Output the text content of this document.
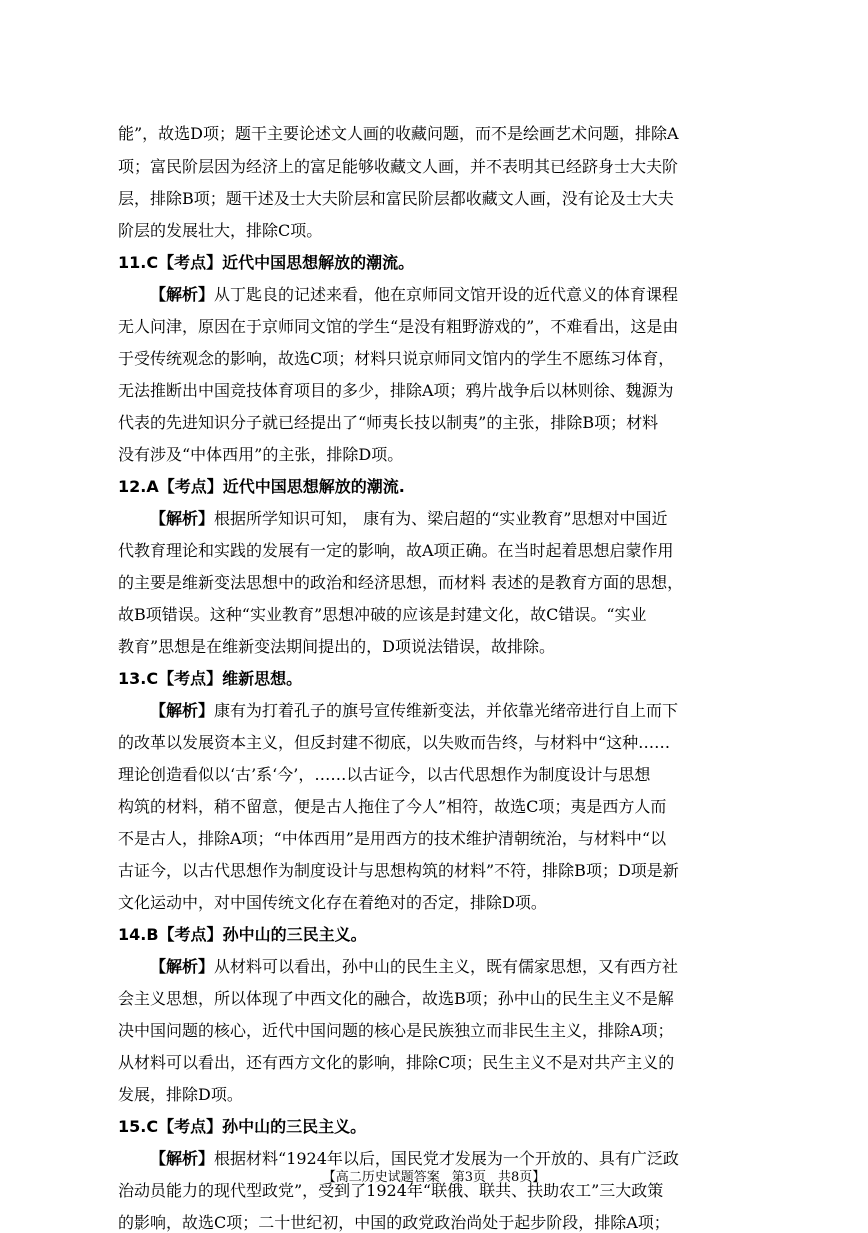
能”，故选D项；题干主要论述文人画的收藏问题，而不是绘画艺术问题，排除A
项；富民阶层因为经济上的富足能够收藏文人画，并不表明其已经跻身士大夫阶
层，排除B项；题干述及士大夫阶层和富民阶层都收藏文人画，没有论及士大夫
阶层的发展壮大，排除C项。
11.C【考点】近代中国思想解放的潮流。
【解析】从丁匙良的记述来看，他在京师同文馆开设的近代意义的体育课程
无人问津，原因在于京师同文馆的学生“是没有粗野游戏的”，不难看出，这是由
于受传统观念的影响，故选C项；材料只说京师同文馆内的学生不愿练习体育，
无法推断出中国竞技体育项目的多少，排除A项；鸦片战争后以林则徐、魏源为
代表的先进知识分子就已经提出了“师夷长技以制夷”的主张，排除B项；材料
没有涉及“中体西用”的主张，排除D项。
12.A【考点】近代中国思想解放的潮流.
【解析】根据所学知识可知， 康有为、梁启超的“实业教育”思想对中国近
代教育理论和实践的发展有一定的影响，故A项正确。在当时起着思想启蒙作用
的主要是维新变法思想中的政治和经济思想，而材料 表述的是教育方面的思想，
故B项错误。这种“实业教育”思想冲破的应该是封建文化，故C错误。“实业
教育”思想是在维新变法期间提出的，D项说法错误，故排除。
13.C【考点】维新思想。
【解析】康有为打着孔子的旗号宣传维新变法，并依靠光绪帝进行自上而下
的改革以发展资本主义，但反封建不彻底，以失败而告终，与材料中“这种……
理论创造看似以‘古’系‘今’，……以古证今，以古代思想作为制度设计与思想
构筑的材料，稍不留意，便是古人拖住了今人”相符，故选C项；夷是西方人而
不是古人，排除A项；“中体西用”是用西方的技术维护清朝统治，与材料中“以
古证今，以古代思想作为制度设计与思想构筑的材料”不符，排除B项；D项是新
文化运动中，对中国传统文化存在着绝对的否定，排除D项。
14.B【考点】孙中山的三民主义。
【解析】从材料可以看出，孙中山的民生主义，既有儒家思想，又有西方社
会主义思想，所以体现了中西文化的融合，故选B项；孙中山的民生主义不是解
决中国问题的核心，近代中国问题的核心是民族独立而非民生主义，排除A项；
从材料可以看出，还有西方文化的影响，排除C项；民生主义不是对共产主义的
发展，排除D项。
15.C【考点】孙中山的三民主义。
【解析】根据材料“1924年以后，国民党才发展为一个开放的、具有广泛政
治动员能力的现代型政党”，受到了1924年“联俄、联共、扶助农工”三大政策
的影响，故选C项；二十世纪初，中国的政党政治尚处于起步阶段，排除A项；
【高二历史试题答案 第3页 共8页】
